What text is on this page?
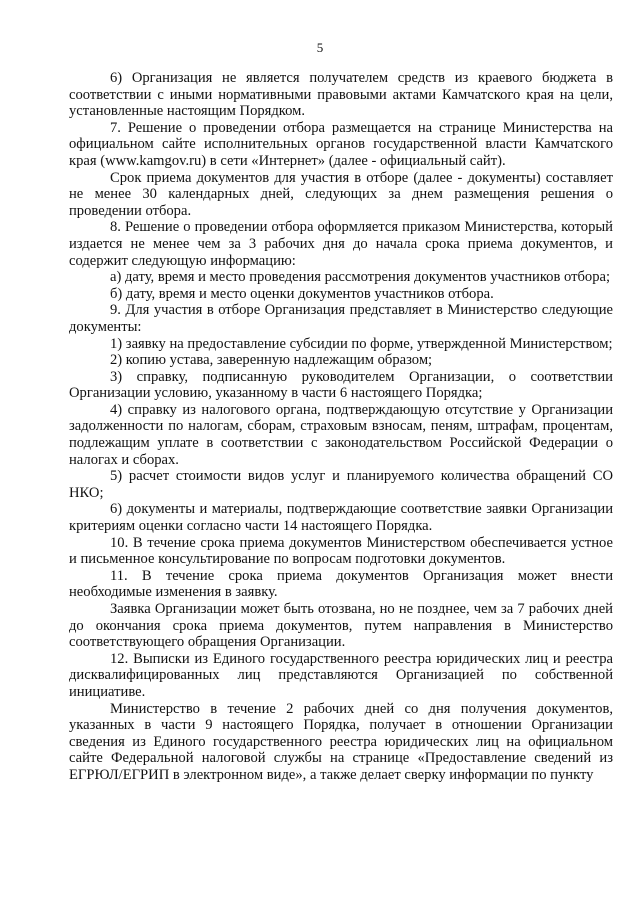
5

6) Организация не является получателем средств из краевого бюджета в соответствии с иными нормативными правовыми актами Камчатского края на цели, установленные настоящим Порядком.

7. Решение о проведении отбора размещается на странице Министерства на официальном сайте исполнительных органов государственной власти Камчатского края (www.kamgov.ru) в сети «Интернет» (далее - официальный сайт).

Срок приема документов для участия в отборе (далее - документы) составляет не менее 30 календарных дней, следующих за днем размещения решения о проведении отбора.

8. Решение о проведении отбора оформляется приказом Министерства, который издается не менее чем за 3 рабочих дня до начала срока приема документов, и содержит следующую информацию:

а) дату, время и место проведения рассмотрения документов участников отбора;

б) дату, время и место оценки документов участников отбора.

9. Для участия в отборе Организация представляет в Министерство следующие документы:

1) заявку на предоставление субсидии по форме, утвержденной Министерством;

2) копию устава, заверенную надлежащим образом;

3) справку, подписанную руководителем Организации, о соответствии Организации условию, указанному в части 6 настоящего Порядка;

4) справку из налогового органа, подтверждающую отсутствие у Организации задолженности по налогам, сборам, страховым взносам, пеням, штрафам, процентам, подлежащим уплате в соответствии с законодательством Российской Федерации о налогах и сборах.

5) расчет стоимости видов услуг и планируемого количества обращений СО НКО;

6) документы и материалы, подтверждающие соответствие заявки Организации критериям оценки согласно части 14 настоящего Порядка.

10. В течение срока приема документов Министерством обеспечивается устное и письменное консультирование по вопросам подготовки документов.

11. В течение срока приема документов Организация может внести необходимые изменения в заявку.

Заявка Организации может быть отозвана, но не позднее, чем за 7 рабочих дней до окончания срока приема документов, путем направления в Министерство соответствующего обращения Организации.

12. Выписки из Единого государственного реестра юридических лиц и реестра дисквалифицированных лиц представляются Организацией по собственной инициативе.

Министерство в течение 2 рабочих дней со дня получения документов, указанных в части 9 настоящего Порядка, получает в отношении Организации сведения из Единого государственного реестра юридических лиц на официальном сайте Федеральной налоговой службы на странице «Предоставление сведений из ЕГРЮЛ/ЕГРИП в электронном виде», а также делает сверку информации по пункту
